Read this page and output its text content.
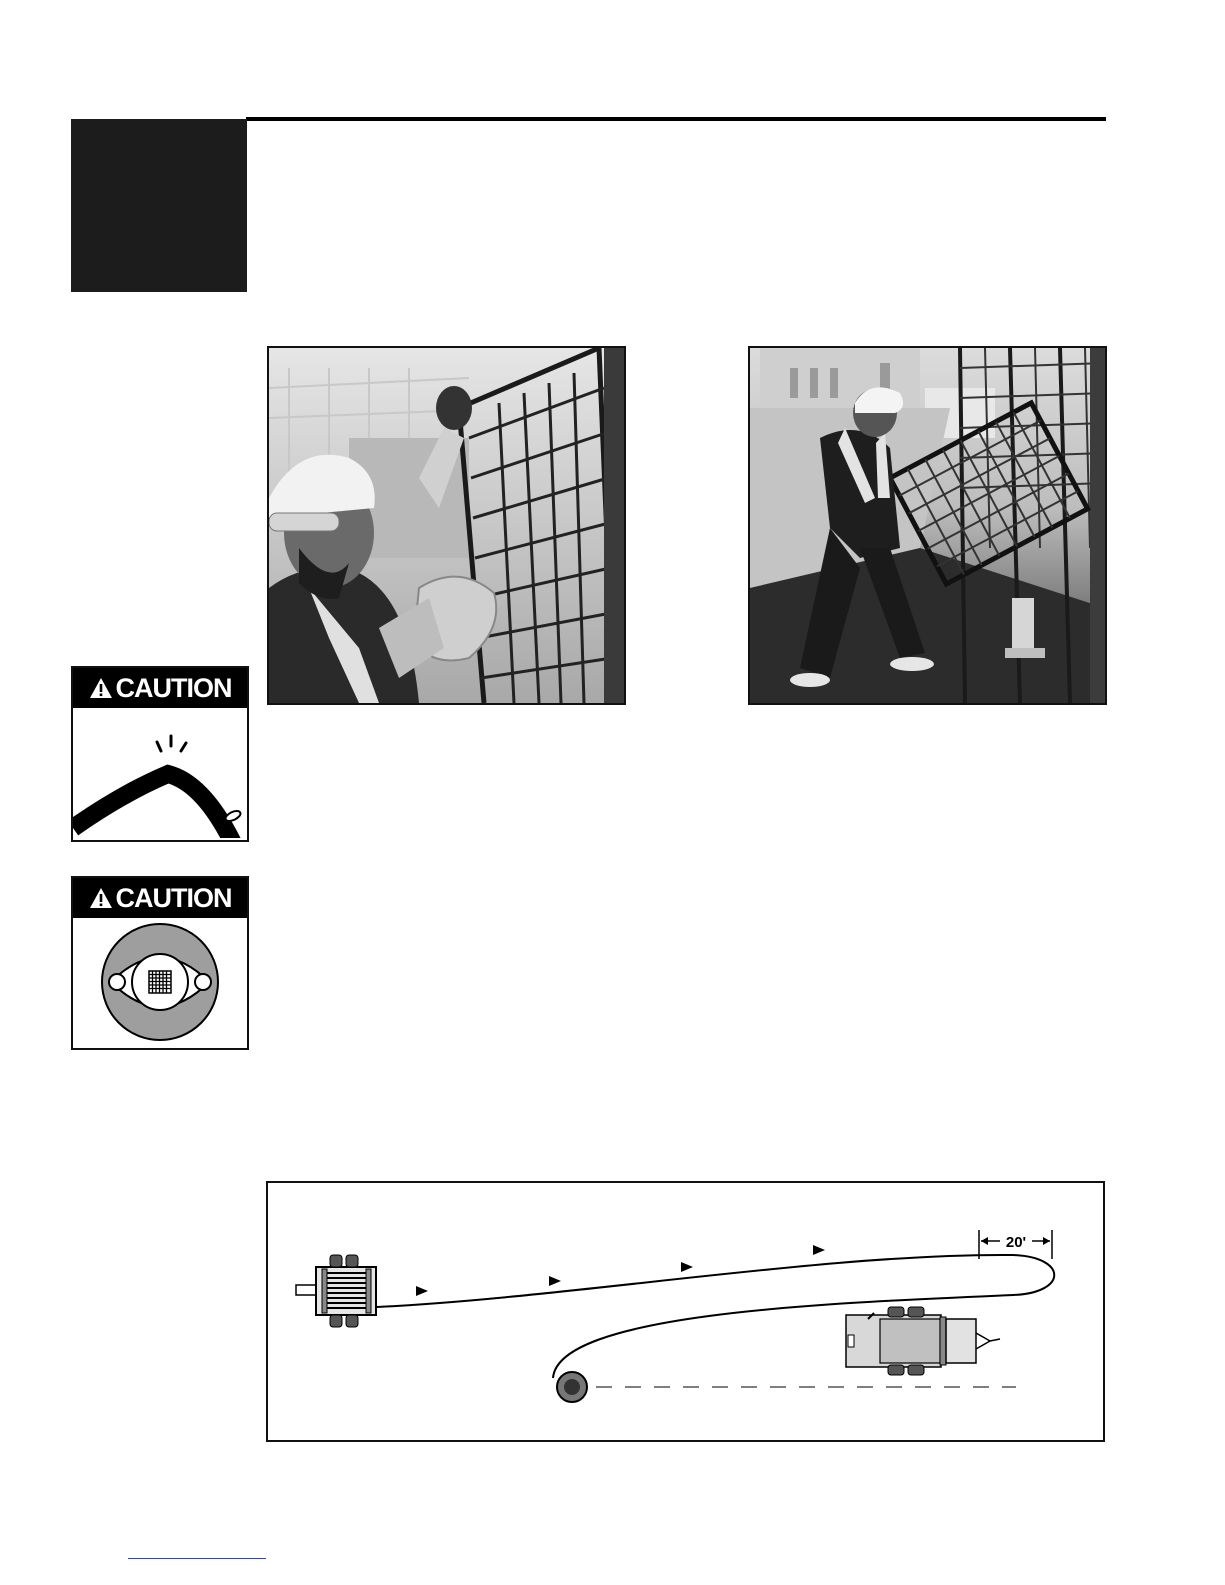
CAUTION
CAUTION
20'
